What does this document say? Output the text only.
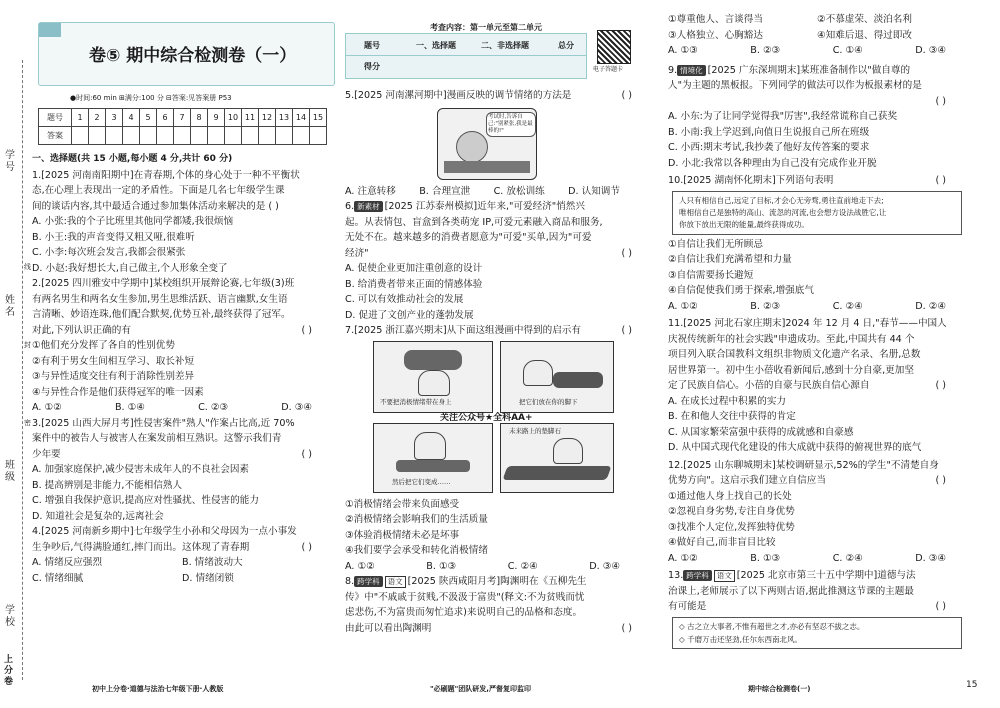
学号
姓名
班级
学校
上分卷
线
封
密
卷⑤ 期中综合检测卷（一）
考查内容：第一单元至第二单元
题号	一、选择题	二、非选择题	总分
得分	电子答题卡
●时间:60 min ⊞满分:100 分 ⊟答案:见答案册 P53
题号	1	2	3	4	5	6	7	8	9	10	11	12	13	14	15
答案															
一、选择题(共 15 小题,每小题 4 分,共计 60 分)
1.[2025 河南南阳期中]在青春期,个体的身心处于一种不平衡状
态,在心理上表现出一定的矛盾性。下面是几名七年级学生课
间的谈话内容,其中最适合通过参加集体活动来解决的是 ( )
A. 小张:我的个子比班里其他同学都矮,我很烦恼
B. 小王:我的声音变得又粗又哑,很难听
C. 小李:每次班会发言,我都会很紧张
D. 小赵:我好想长大,自己做主,个人形象全变了
2.[2025 四川雅安中学期中]某校组织开展辩论赛,七年级(3)班
有两名男生和两名女生参加,男生思维活跃、语言幽默,女生语
言清晰、妙语连珠,他们配合默契,优势互补,最终获得了冠军。
对此,下列认识正确的有	( )
①他们充分发挥了各自的性别优势
②有利于男女生间相互学习、取长补短
③与异性适度交往有利于消除性别差异
④与异性合作是他们获得冠军的唯一因素
A. ①②	B. ①④	C. ②③	D. ③④
3.[2025 山西大屏月考]性侵害案件"熟人"作案占比高,近 70%
案件中的被告人与被害人在案发前相互熟识。这警示我们青
少年要	( )
A. 加强家庭保护,减少侵害未成年人的不良社会因素
B. 提高辨别是非能力,不能相信熟人
C. 增强自我保护意识,提高应对性骚扰、性侵害的能力
D. 知道社会是复杂的,远离社会
4.[2025 河南新乡期中]七年级学生小孙和父母因为一点小事发
生争吵后,气得满脸通红,摔门而出。这体现了青春期	( )
A. 情绪反应强烈	B. 情绪波动大
C. 情绪细腻	D. 情绪闭锁
5.[2025 河南漯河期中]漫画反映的调节情绪的方法是	( )
考试时,告诉自己:"别紧张,我是最棒的!"
A. 注意转移 B. 合理宣泄 C. 放松训练 D. 认知调节
6. 新素材 [2025 江苏泰州模拟]近年来,"可爱经济"悄然兴
起。从表情包、盲盒到各类萌宠 IP,可爱元素融入商品和服务,
无处不在。越来越多的消费者愿意为"可爱"买单,因为"可爱
经济"	( )
A. 促使企业更加注重创意的设计
B. 给消费者带来正面的情感体验
C. 可以有效推动社会的发展
D. 促进了文创产业的蓬勃发展
7.[2025 浙江嘉兴期末]从下面这组漫画中得到的启示有	( )
不要把消极情绪带在身上	把它们放在你的脚下
关注公众号★全科AA+
然后把它们变成……
未来路上的垫脚石
①消极情绪会带来负面感受
②消极情绪会影响我们的生活质量
③体验消极情绪未必是坏事
④我们要学会承受和转化消极情绪
A. ①②	B. ①③	C. ②④	D. ③④
8. 跨学科 语文 [2025 陕西咸阳月考]陶渊明在《五柳先生
传》中"不戚戚于贫贱,不汲汲于富贵"(释文:不为贫贱而忧
虑悲伤,不为富贵而匆忙追求)来说明自己的品格和态度。
由此可以看出陶渊明	( )
①尊重他人、言谈得当	②不慕虚荣、淡泊名利
③人格独立、心胸豁达	④知难后退、得过即改
A. ①③	B. ②③	C. ①④	D. ③④
9. 情境化 [2025 广东深圳期末]某班准备制作以"做自尊的
人"为主题的黑板报。下列同学的做法可以作为板报素材的是
( )
A. 小东:为了让同学觉得我"厉害",我经常谎称自己获奖
B. 小南:我上学迟到,向值日生说报自己所在班级
C. 小西:期末考试,我抄袭了他好友传答案的要求
D. 小北:我常以各种理由为自己没有完成作业开脱
10.[2025 湖南怀化期末]下列语句表明	( )
人只有相信自己,远定了目标,才会心无旁骛,勇往直前地走下去;
唯相信自己是独特的高山、流忽的河流,也会想方设法战胜它,让
你放下放出无限的能量,最终获得成功。
①自信让我们无所顾忌
②自信让我们充满希望和力量
③自信需要扬长避短
④自信促使我们勇于探索,增强底气
A. ①②	B. ②③	C. ②④	D. ②④
11.[2025 河北石家庄期末]2024 年 12 月 4 日,"春节——中国人
庆祝传统新年的社会实践"申遗成功。至此,中国共有 44 个
项目列入联合国教科文组织非物质文化遗产名录、名册,总数
居世界第一。初中生小蓓收看新闻后,感到十分自豪,更加坚
定了民族自信心。小蓓的自豪与民族自信心源自	( )
A. 在成长过程中积累的实力
B. 在和他人交往中获得的肯定
C. 从国家繁荣富强中获得的成就感和自豪感
D. 从中国式现代化建设的伟大成就中获得的俯视世界的底气
12.[2025 山东聊城期末]某校调研显示,52%的学生"不清楚自身
优势方向"。这启示我们建立自信应当	( )
①通过他人身上找自己的长处
②忽视自身劣势,专注自身优势
③找准个人定位,发挥独特优势
④做好自己,而非盲目比较
A. ①②	B. ①③	C. ②④	D. ③④
13. 跨学科 语文 [2025 北京市第三十五中学期中]道德与法
治课上,老师展示了以下两则古语,据此推测这节课的主题最
有可能是	( )
◇ 古之立大事者,不惟有超世之才,亦必有坚忍不拔之志。
◇ 千磨万击还坚劲,任尔东西南北风。
初中上分卷·道德与法治七年级下册·人教版	"必刷题"团队研发,严督复印监印	期中综合检测卷(一)	15
